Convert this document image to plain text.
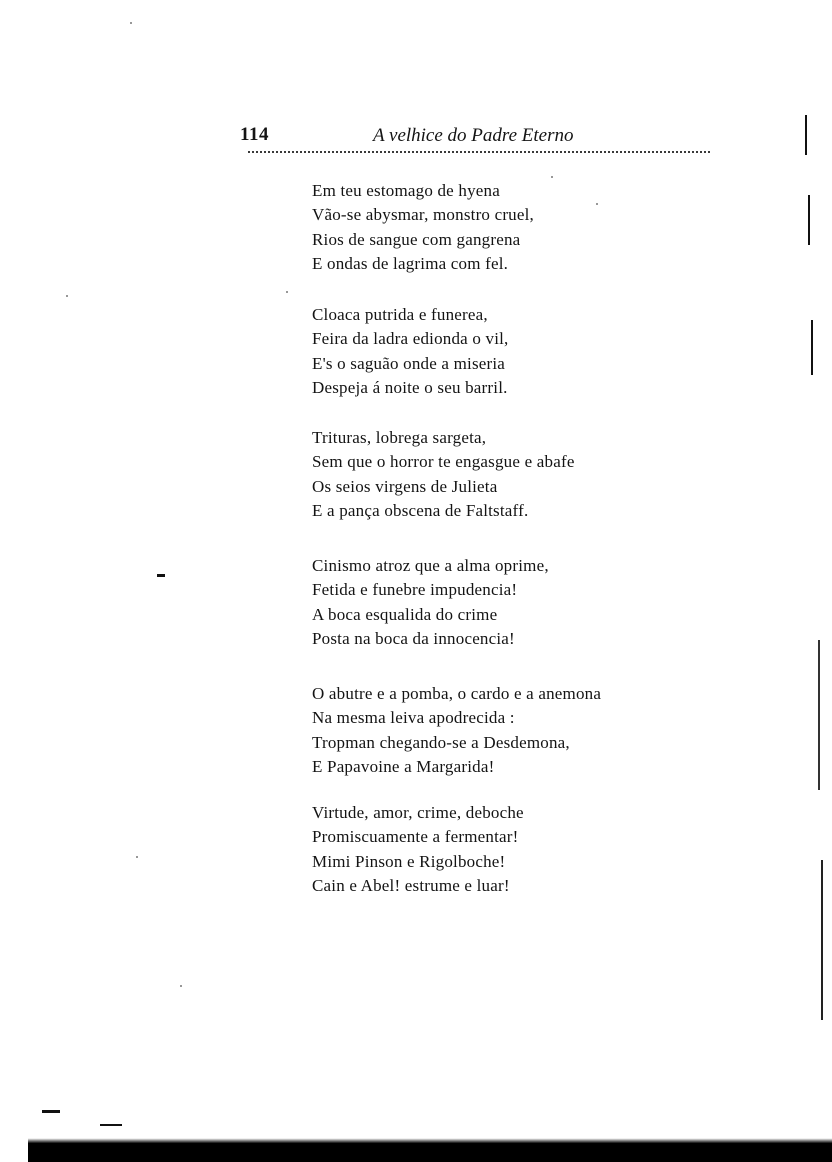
114	A velhice do Padre Eterno
Em teu estomago de hyena
Vão-se abysmar, monstro cruel,
Rios de sangue com gangrena
E ondas de lagrima com fel.
Cloaca putrida e funerea,
Feira da ladra edionda o vil,
E's o saguão onde a miseria
Despeja á noite o seu barril.
Trituras, lobrega sargeta,
Sem que o horror te engasgue e abafe
Os seios virgens de Julieta
E a pança obscena de Faltstaff.
Cinismo atroz que a alma oprime,
Fetida e funebre impudencia!
A boca esqualida do crime
Posta na boca da innocencia!
O abutre e a pomba, o cardo e a anemona
Na mesma leiva apodrecida :
Tropman chegando-se a Desdemona,
E Papavoine a Margarida!
Virtude, amor, crime, deboche
Promiscuamente a fermentar!
Mimi Pinson e Rigolboche!
Cain e Abel! estrume e luar!
